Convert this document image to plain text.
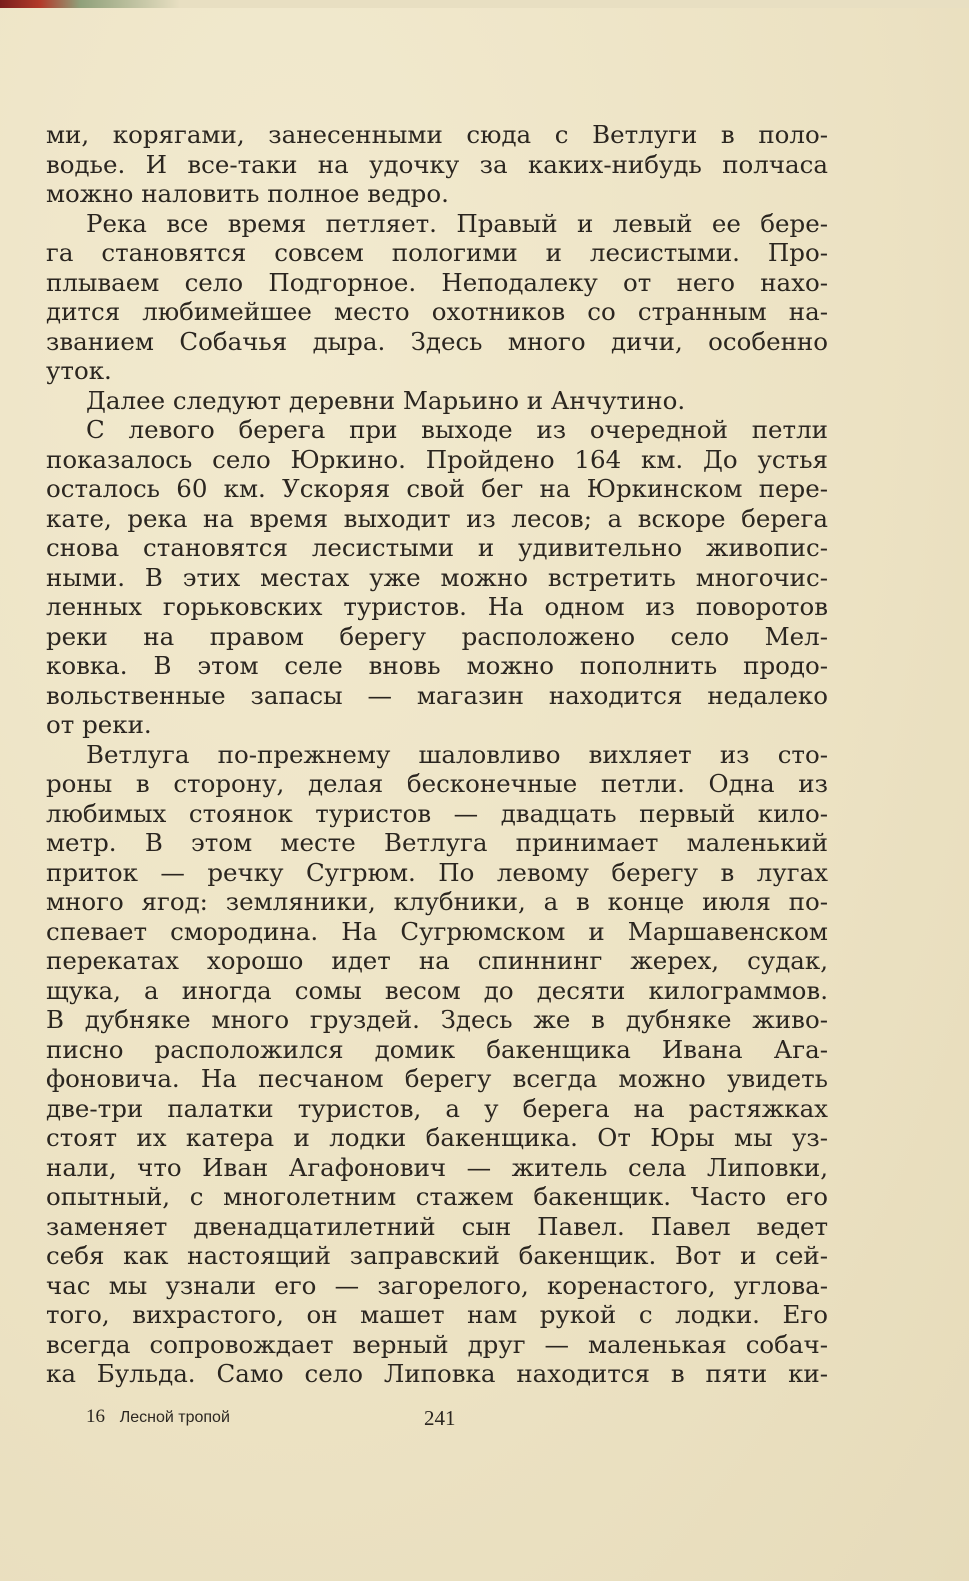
ми, корягами, занесенными сюда с Ветлуги в поло-
водье. И все-таки на удочку за каких-нибудь полчаса
можно наловить полное ведро.
Река все время петляет. Правый и левый ее бере-
га становятся совсем пологими и лесистыми. Про-
плываем село Подгорное. Неподалеку от него нахо-
дится любимейшее место охотников со странным на-
званием Собачья дыра. Здесь много дичи, особенно
уток.
Далее следуют деревни Марьино и Анчутино.
С левого берега при выходе из очередной петли
показалось село Юркино. Пройдено 164 км. До устья
осталось 60 км. Ускоряя свой бег на Юркинском пере-
кате, река на время выходит из лесов; а вскоре берега
снова становятся лесистыми и удивительно живопис-
ными. В этих местах уже можно встретить многочис-
ленных горьковских туристов. На одном из поворотов
реки на правом берегу расположено село Мел-
ковка. В этом селе вновь можно пополнить продо-
вольственные запасы — магазин находится недалеко
от реки.
Ветлуга по-прежнему шаловливо вихляет из сто-
роны в сторону, делая бесконечные петли. Одна из
любимых стоянок туристов — двадцать первый кило-
метр. В этом месте Ветлуга принимает маленький
приток — речку Сугрюм. По левому берегу в лугах
много ягод: земляники, клубники, а в конце июля по-
спевает смородина. На Сугрюмском и Маршавенском
перекатах хорошо идет на спиннинг жерех, судак,
щука, а иногда сомы весом до десяти килограммов.
В дубняке много груздей. Здесь же в дубняке живо-
писно расположился домик бакенщика Ивана Ага-
фоновича. На песчаном берегу всегда можно увидеть
две-три палатки туристов, а у берега на растяжках
стоят их катера и лодки бакенщика. От Юры мы уз-
нали, что Иван Агафонович — житель села Липовки,
опытный, с многолетним стажем бакенщик. Часто его
заменяет двенадцатилетний сын Павел. Павел ведет
себя как настоящий заправский бакенщик. Вот и сей-
час мы узнали его — загорелого, коренастого, углова-
того, вихрастого, он машет нам рукой с лодки. Его
всегда сопровождает верный друг — маленькая собач-
ка Бульда. Само село Липовка находится в пяти ки-
16 Лесной тропой	241
